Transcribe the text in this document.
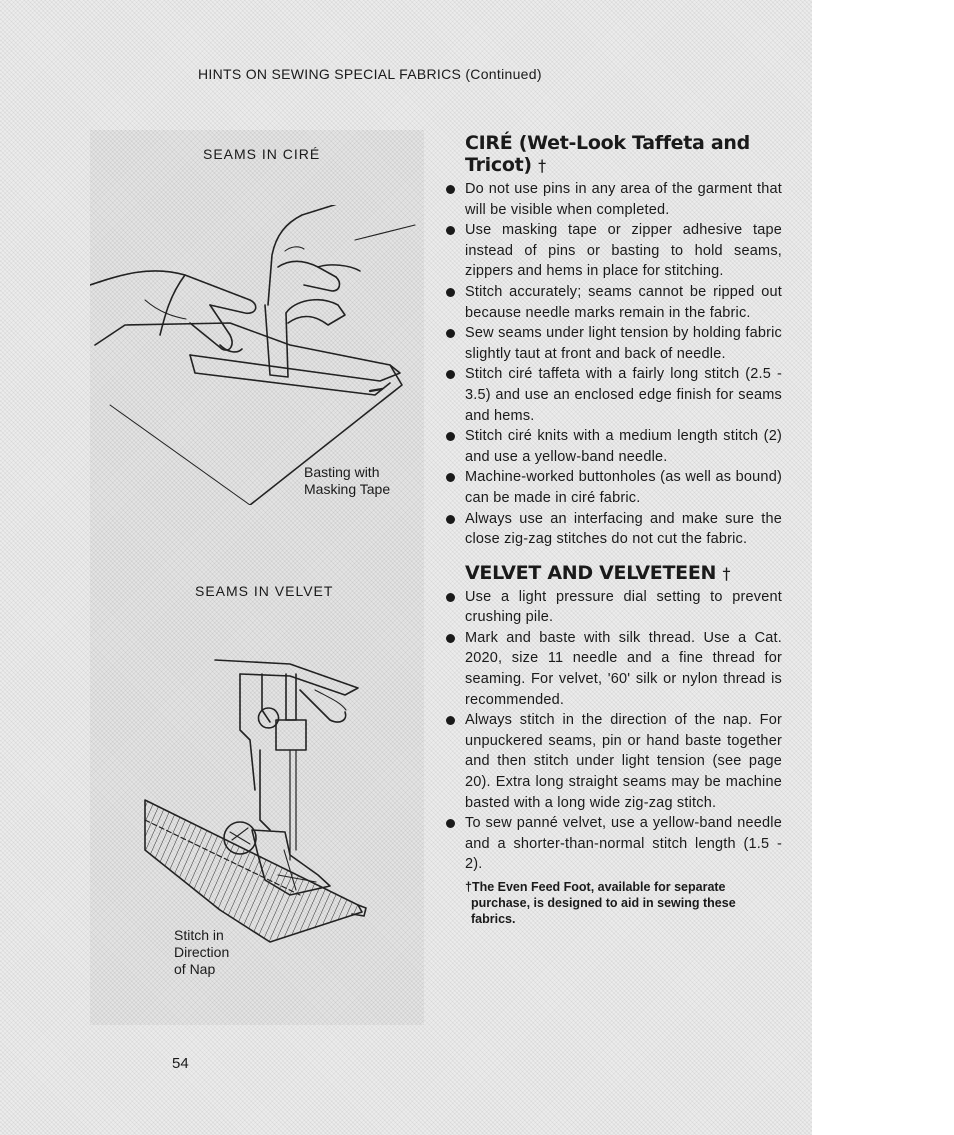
HINTS ON SEWING SPECIAL FABRICS (Continued)
SEAMS IN CIRÉ
Basting with
Masking Tape
SEAMS IN VELVET
Stitch in
Direction
of Nap
CIRÉ (Wet-Look Taffeta and
Tricot) †
Do not use pins in any area of the garment that will be visible when completed.
Use masking tape or zipper adhesive tape instead of pins or basting to hold seams, zippers and hems in place for stitching.
Stitch accurately; seams cannot be ripped out because needle marks remain in the fabric.
Sew seams under light tension by holding fabric slightly taut at front and back of needle.
Stitch ciré taffeta with a fairly long stitch (2.5 - 3.5) and use an enclosed edge finish for seams and hems.
Stitch ciré knits with a medium length stitch (2) and use a yellow-band needle.
Machine-worked buttonholes (as well as bound) can be made in ciré fabric.
Always use an interfacing and make sure the close zig-zag stitches do not cut the fabric.
VELVET AND VELVETEEN †
Use a light pressure dial setting to prevent crushing pile.
Mark and baste with silk thread. Use a Cat. 2020, size 11 needle and a fine thread for seaming. For velvet, '60' silk or nylon thread is recommended.
Always stitch in the direction of the nap. For unpuckered seams, pin or hand baste together and then stitch under light tension (see page 20). Extra long straight seams may be machine basted with a long wide zig-zag stitch.
To sew panné velvet, use a yellow-band needle and a shorter-than-normal stitch length (1.5 - 2).
†The Even Feed Foot, available for separate purchase, is designed to aid in sewing these fabrics.
54
